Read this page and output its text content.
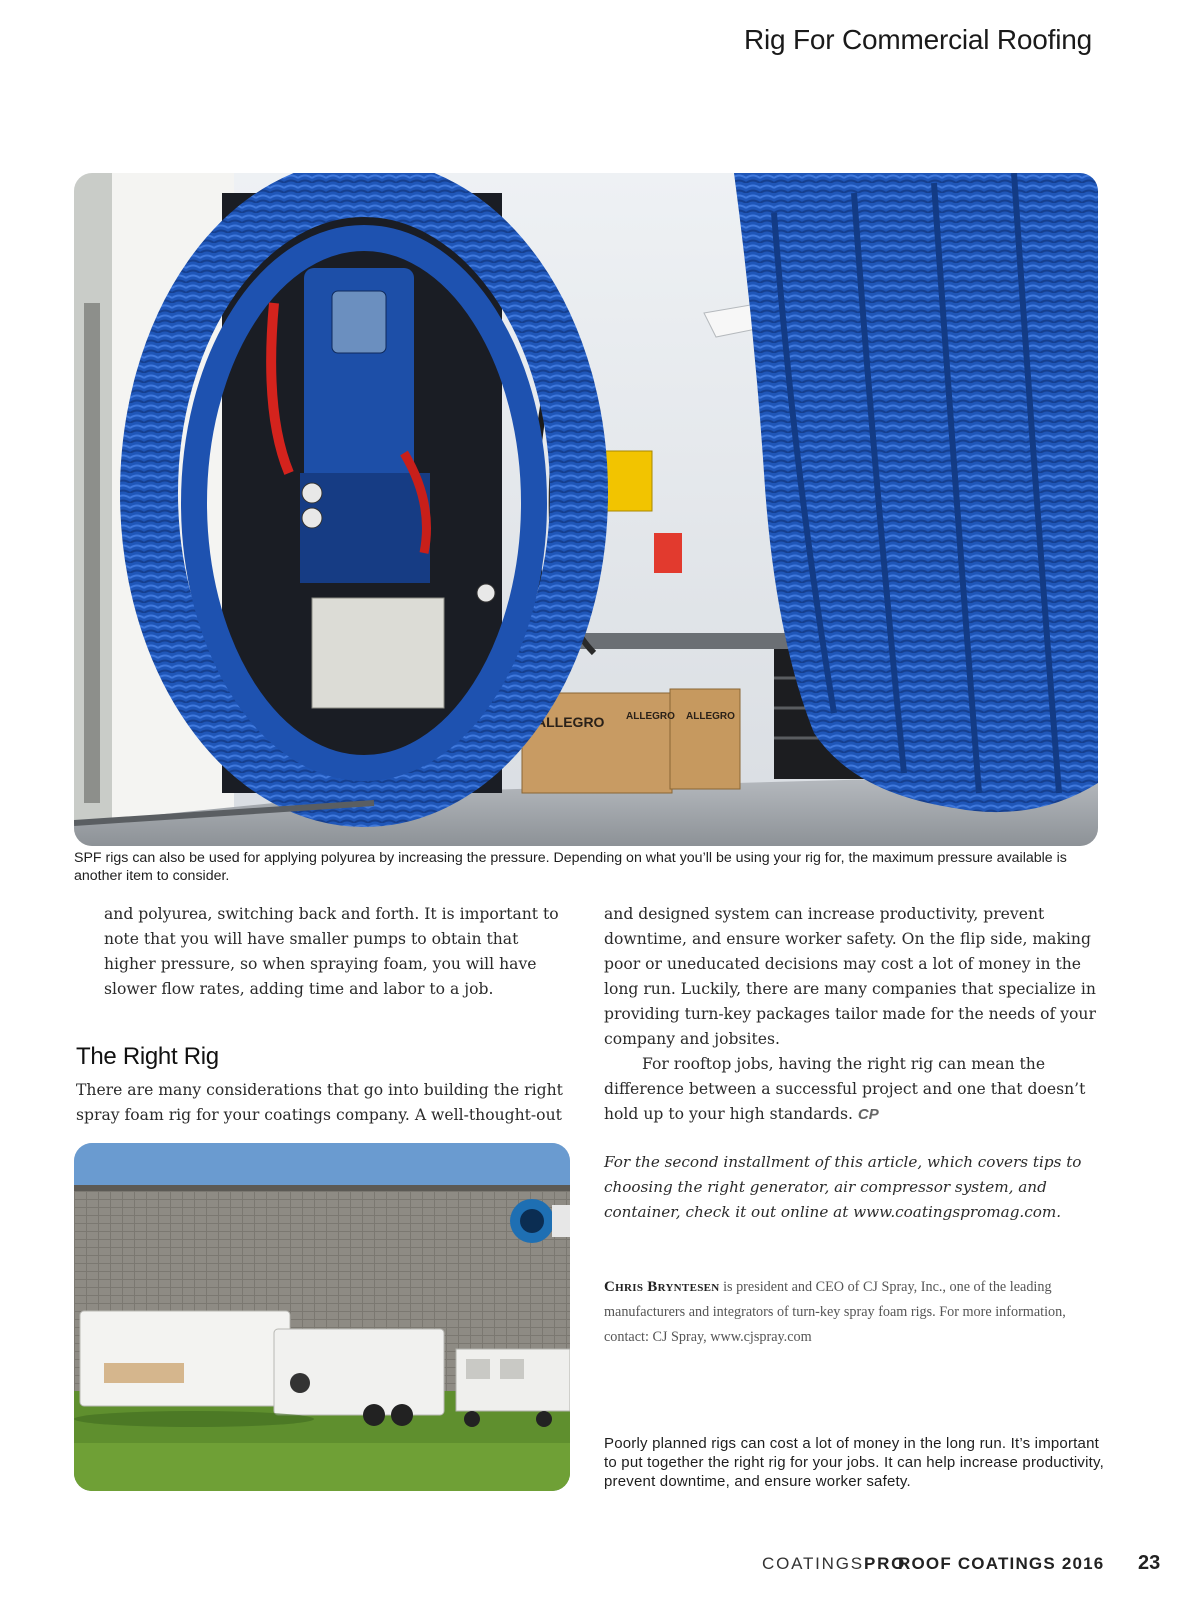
Rig For Commercial Roofing
ALLEGRO ALLEGRO ALLEGRO
SPF rigs can also be used for applying polyurea by increasing the pressure. Depending on what you’ll be using your rig for, the maximum pressure available is another item to consider.

and polyurea, switching back and forth. It is important to note that you will have smaller pumps to obtain that higher pressure, so when spraying foam, you will have slower flow rates, adding time and labor to a job.

The Right Rig

There are many considerations that go into building the right spray foam rig for your coatings company. A well-thought-out

and designed system can increase productivity, prevent downtime, and ensure worker safety. On the flip side, making poor or uneducated decisions may cost a lot of money in the long run. Luckily, there are many companies that specialize in providing turn-key packages tailor made for the needs of your company and jobsites.

For rooftop jobs, having the right rig can mean the difference between a successful project and one that doesn’t hold up to your high standards. CP

For the second installment of this article, which covers tips to choosing the right generator, air compressor system, and container, check it out online at www.coatingspromag.com.

Chris Bryntesen is president and CEO of CJ Spray, Inc., one of the leading manufacturers and integrators of turn-key spray foam rigs. For more information, contact: CJ Spray, www.cjspray.com

Poorly planned rigs can cost a lot of money in the long run. It’s important to put together the right rig for your jobs. It can help increase productivity, prevent downtime, and ensure worker safety.
COATINGSPRO
ROOF COATINGS 2016 23
